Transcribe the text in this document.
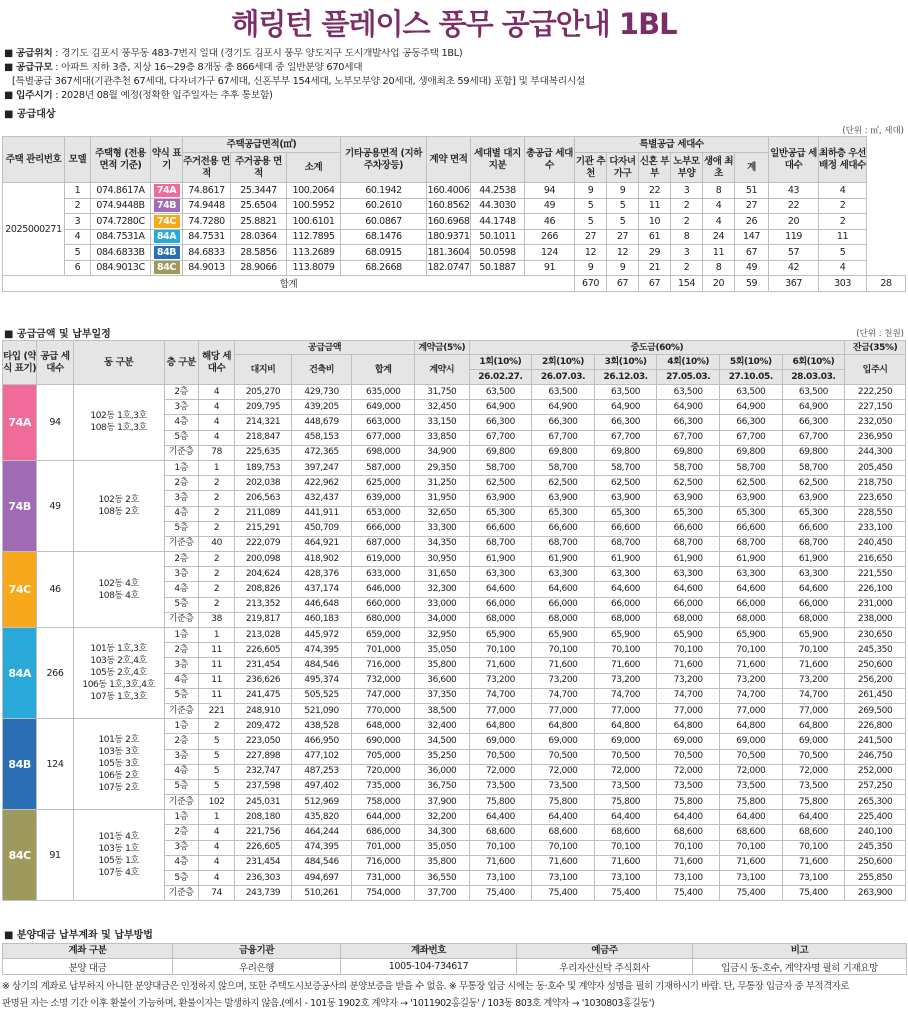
해링턴 플레이스 풍무 공급안내 1BL
■ 공급위치 : 경기도 김포시 풍무동 483-7번지 일대 (경기도 김포시 풍무 양도지구 도시개발사업 공동주택 1BL)
■ 공급규모 : 아파트 지하 3층, 지상 16~29층 8개동 총 866세대 중 일반분양 670세대
[특별공급 367세대(기관추천 67세대, 다자녀가구 67세대, 신혼부부 154세대, 노부모부양 20세대, 생애최초 59세대) 포함] 및 부대복리시설
■ 입주시기 : 2028년 08월 예정(정확한 입주일자는 추후 통보함)
■ 공급대상
(단위 : ㎡, 세대)
주택 관리번호	모델	주택형 (전용면적 기준)	약식 표기	주택공급면적(㎡)			기타공용면적 (지하주차장등)	계약 면적	세대별 대지지분	총공급 세대수	특별공급 세대수						일반공급 세대수	최하층 우선배정 세대수	
				주거전용 면적	주거공용 면적	소계					기관 추천	다자녀 가구	신혼 부부	노부모 부양	생애 최초	계			
2025000271	1	074.8617A	74A	74.8617	25.3447	100.2064	60.1942	160.4006	44.2538	94	9	9	22	3	8	51	43	4	
	2	074.9448B	74B	74.9448	25.6504	100.5952	60.2610	160.8562	44.3030	49	5	5	11	2	4	27	22	2	
	3	074.7280C	74C	74.7280	25.8821	100.6101	60.0867	160.6968	44.1748	46	5	5	10	2	4	26	20	2	
	4	084.7531A	84A	84.7531	28.0364	112.7895	68.1476	180.9371	50.1011	266	27	27	61	8	24	147	119	11	
	5	084.6833B	84B	84.6833	28.5856	113.2689	68.0915	181.3604	50.0598	124	12	12	29	3	11	67	57	5	
	6	084.9013C	84C	84.9013	28.9066	113.8079	68.2668	182.0747	50.1887	91	9	9	21	2	8	49	42	4	
합계											670	67	67	154	20	59	367	303	28
■ 공급금액 및 납부일정	(단위 : 천원)
타입 (약식 표기)	공급 세대수	동 구분	층 구분	해당 세대수	공급금액			계약금(5%)	중도금(60%)						잔금(35%)
					대지비	건축비	합계	계약시	1회(10%)	2회(10%)	3회(10%)	4회(10%)	5회(10%)	6회(10%)	입주시
									26.02.27.	26.07.03.	26.12.03.	27.05.03.	27.10.05.	28.03.03.	
74A	94	102동 1호,3호
108동 1호,3호	2층	4	205,270	429,730	635,000	31,750	63,500	63,500	63,500	63,500	63,500	63,500	222,250
			3층	4	209,795	439,205	649,000	32,450	64,900	64,900	64,900	64,900	64,900	64,900	227,150
			4층	4	214,321	448,679	663,000	33,150	66,300	66,300	66,300	66,300	66,300	66,300	232,050
			5층	4	218,847	458,153	677,000	33,850	67,700	67,700	67,700	67,700	67,700	67,700	236,950
			기준층	78	225,635	472,365	698,000	34,900	69,800	69,800	69,800	69,800	69,800	69,800	244,300
74B	49	102동 2호
108동 2호	1층	1	189,753	397,247	587,000	29,350	58,700	58,700	58,700	58,700	58,700	58,700	205,450
			2층	2	202,038	422,962	625,000	31,250	62,500	62,500	62,500	62,500	62,500	62,500	218,750
			3층	2	206,563	432,437	639,000	31,950	63,900	63,900	63,900	63,900	63,900	63,900	223,650
			4층	2	211,089	441,911	653,000	32,650	65,300	65,300	65,300	65,300	65,300	65,300	228,550
			5층	2	215,291	450,709	666,000	33,300	66,600	66,600	66,600	66,600	66,600	66,600	233,100
			기준층	40	222,079	464,921	687,000	34,350	68,700	68,700	68,700	68,700	68,700	68,700	240,450
74C	46	102동 4호
108동 4호	2층	2	200,098	418,902	619,000	30,950	61,900	61,900	61,900	61,900	61,900	61,900	216,650
			3층	2	204,624	428,376	633,000	31,650	63,300	63,300	63,300	63,300	63,300	63,300	221,550
			4층	2	208,826	437,174	646,000	32,300	64,600	64,600	64,600	64,600	64,600	64,600	226,100
			5층	2	213,352	446,648	660,000	33,000	66,000	66,000	66,000	66,000	66,000	66,000	231,000
			기준층	38	219,817	460,183	680,000	34,000	68,000	68,000	68,000	68,000	68,000	68,000	238,000
84A	266	101동 1호,3호
103동 2호,4호
105동 2호,4호
106동 1호,3호,4호
107동 1호,3호	1층	1	213,028	445,972	659,000	32,950	65,900	65,900	65,900	65,900	65,900	65,900	230,650
			2층	11	226,605	474,395	701,000	35,050	70,100	70,100	70,100	70,100	70,100	70,100	245,350
			3층	11	231,454	484,546	716,000	35,800	71,600	71,600	71,600	71,600	71,600	71,600	250,600
			4층	11	236,626	495,374	732,000	36,600	73,200	73,200	73,200	73,200	73,200	73,200	256,200
			5층	11	241,475	505,525	747,000	37,350	74,700	74,700	74,700	74,700	74,700	74,700	261,450
			기준층	221	248,910	521,090	770,000	38,500	77,000	77,000	77,000	77,000	77,000	77,000	269,500
84B	124	101동 2호
103동 3호
105동 3호
106동 2호
107동 2호	1층	2	209,472	438,528	648,000	32,400	64,800	64,800	64,800	64,800	64,800	64,800	226,800
			2층	5	223,050	466,950	690,000	34,500	69,000	69,000	69,000	69,000	69,000	69,000	241,500
			3층	5	227,898	477,102	705,000	35,250	70,500	70,500	70,500	70,500	70,500	70,500	246,750
			4층	5	232,747	487,253	720,000	36,000	72,000	72,000	72,000	72,000	72,000	72,000	252,000
			5층	5	237,598	497,402	735,000	36,750	73,500	73,500	73,500	73,500	73,500	73,500	257,250
			기준층	102	245,031	512,969	758,000	37,900	75,800	75,800	75,800	75,800	75,800	75,800	265,300
84C	91	101동 4호
103동 1호
105동 1호
107동 4호	1층	1	208,180	435,820	644,000	32,200	64,400	64,400	64,400	64,400	64,400	64,400	225,400
			2층	4	221,756	464,244	686,000	34,300	68,600	68,600	68,600	68,600	68,600	68,600	240,100
			3층	4	226,605	474,395	701,000	35,050	70,100	70,100	70,100	70,100	70,100	70,100	245,350
			4층	4	231,454	484,546	716,000	35,800	71,600	71,600	71,600	71,600	71,600	71,600	250,600
			5층	4	236,303	494,697	731,000	36,550	73,100	73,100	73,100	73,100	73,100	73,100	255,850
			기준층	74	243,739	510,261	754,000	37,700	75,400	75,400	75,400	75,400	75,400	75,400	263,900
■ 분양대금 납부계좌 및 납부방법
계좌 구분	금융기관	계좌번호	예금주	비고
분양 대금	우리은행	1005-104-734617	우리자산신탁 주식회사	입금시 동-호수, 계약자명 필히 기재요망
※ 상기의 계좌로 납부하지 아니한 분양대금은 인정하지 않으며, 또한 주택도시보증공사의 분양보증을 받을 수 없음. ※ 무통장 입금 시에는 동·호수 및 계약자 성명을 필히 기재하시기 바람. 단, 무통장 입금자 중 부적격자로
판명된 자는 소명 기간 이후 환불이 가능하며, 환불이자는 발생하지 않음.(예시 - 101동 1902호 계약자 → '1011902홍길동' / 103동 803호 계약자 → '1030803홍길동')
